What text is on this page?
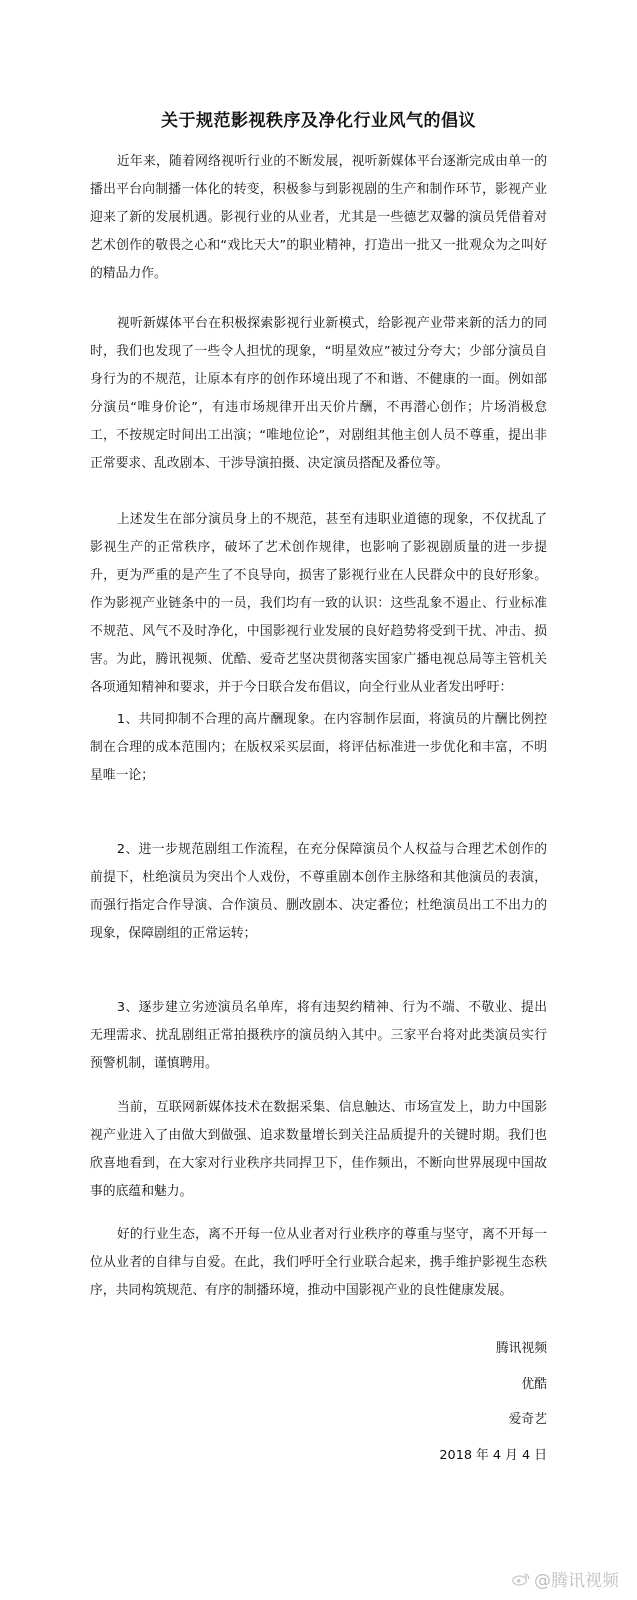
关于规范影视秩序及净化行业风气的倡议

近年来，随着网络视听行业的不断发展，视听新媒体平台逐渐完成由单一的播出平台向制播一体化的转变，积极参与到影视剧的生产和制作环节，影视产业迎来了新的发展机遇。影视行业的从业者，尤其是一些德艺双馨的演员凭借着对艺术创作的敬畏之心和“戏比天大”的职业精神，打造出一批又一批观众为之叫好的精品力作。

视听新媒体平台在积极探索影视行业新模式，给影视产业带来新的活力的同时，我们也发现了一些令人担忧的现象，“明星效应”被过分夸大；少部分演员自身行为的不规范，让原本有序的创作环境出现了不和谐、不健康的一面。例如部分演员“唯身价论”，有违市场规律开出天价片酬，不再潜心创作；片场消极怠工，不按规定时间出工出演；“唯地位论”，对剧组其他主创人员不尊重，提出非正常要求、乱改剧本、干涉导演拍摄、决定演员搭配及番位等。

上述发生在部分演员身上的不规范，甚至有违职业道德的现象，不仅扰乱了影视生产的正常秩序，破坏了艺术创作规律，也影响了影视剧质量的进一步提升，更为严重的是产生了不良导向，损害了影视行业在人民群众中的良好形象。作为影视产业链条中的一员，我们均有一致的认识：这些乱象不遏止、行业标准不规范、风气不及时净化，中国影视行业发展的良好趋势将受到干扰、冲击、损害。为此，腾讯视频、优酷、爱奇艺坚决贯彻落实国家广播电视总局等主管机关各项通知精神和要求，并于今日联合发布倡议，向全行业从业者发出呼吁：

1、共同抑制不合理的高片酬现象。在内容制作层面，将演员的片酬比例控制在合理的成本范围内；在版权采买层面，将评估标准进一步优化和丰富，不明星唯一论；

2、进一步规范剧组工作流程，在充分保障演员个人权益与合理艺术创作的前提下，杜绝演员为突出个人戏份，不尊重剧本创作主脉络和其他演员的表演，而强行指定合作导演、合作演员、删改剧本、决定番位；杜绝演员出工不出力的现象，保障剧组的正常运转；

3、逐步建立劣迹演员名单库，将有违契约精神、行为不端、不敬业、提出无理需求、扰乱剧组正常拍摄秩序的演员纳入其中。三家平台将对此类演员实行预警机制，谨慎聘用。

当前，互联网新媒体技术在数据采集、信息触达、市场宣发上，助力中国影视产业进入了由做大到做强、追求数量增长到关注品质提升的关键时期。我们也欣喜地看到，在大家对行业秩序共同捍卫下，佳作频出，不断向世界展现中国故事的底蕴和魅力。

好的行业生态，离不开每一位从业者对行业秩序的尊重与坚守，离不开每一位从业者的自律与自爱。在此，我们呼吁全行业联合起来，携手维护影视生态秩序，共同构筑规范、有序的制播环境，推动中国影视产业的良性健康发展。

腾讯视频

优酷

爱奇艺

2018 年 4 月 4 日

@腾讯视频
